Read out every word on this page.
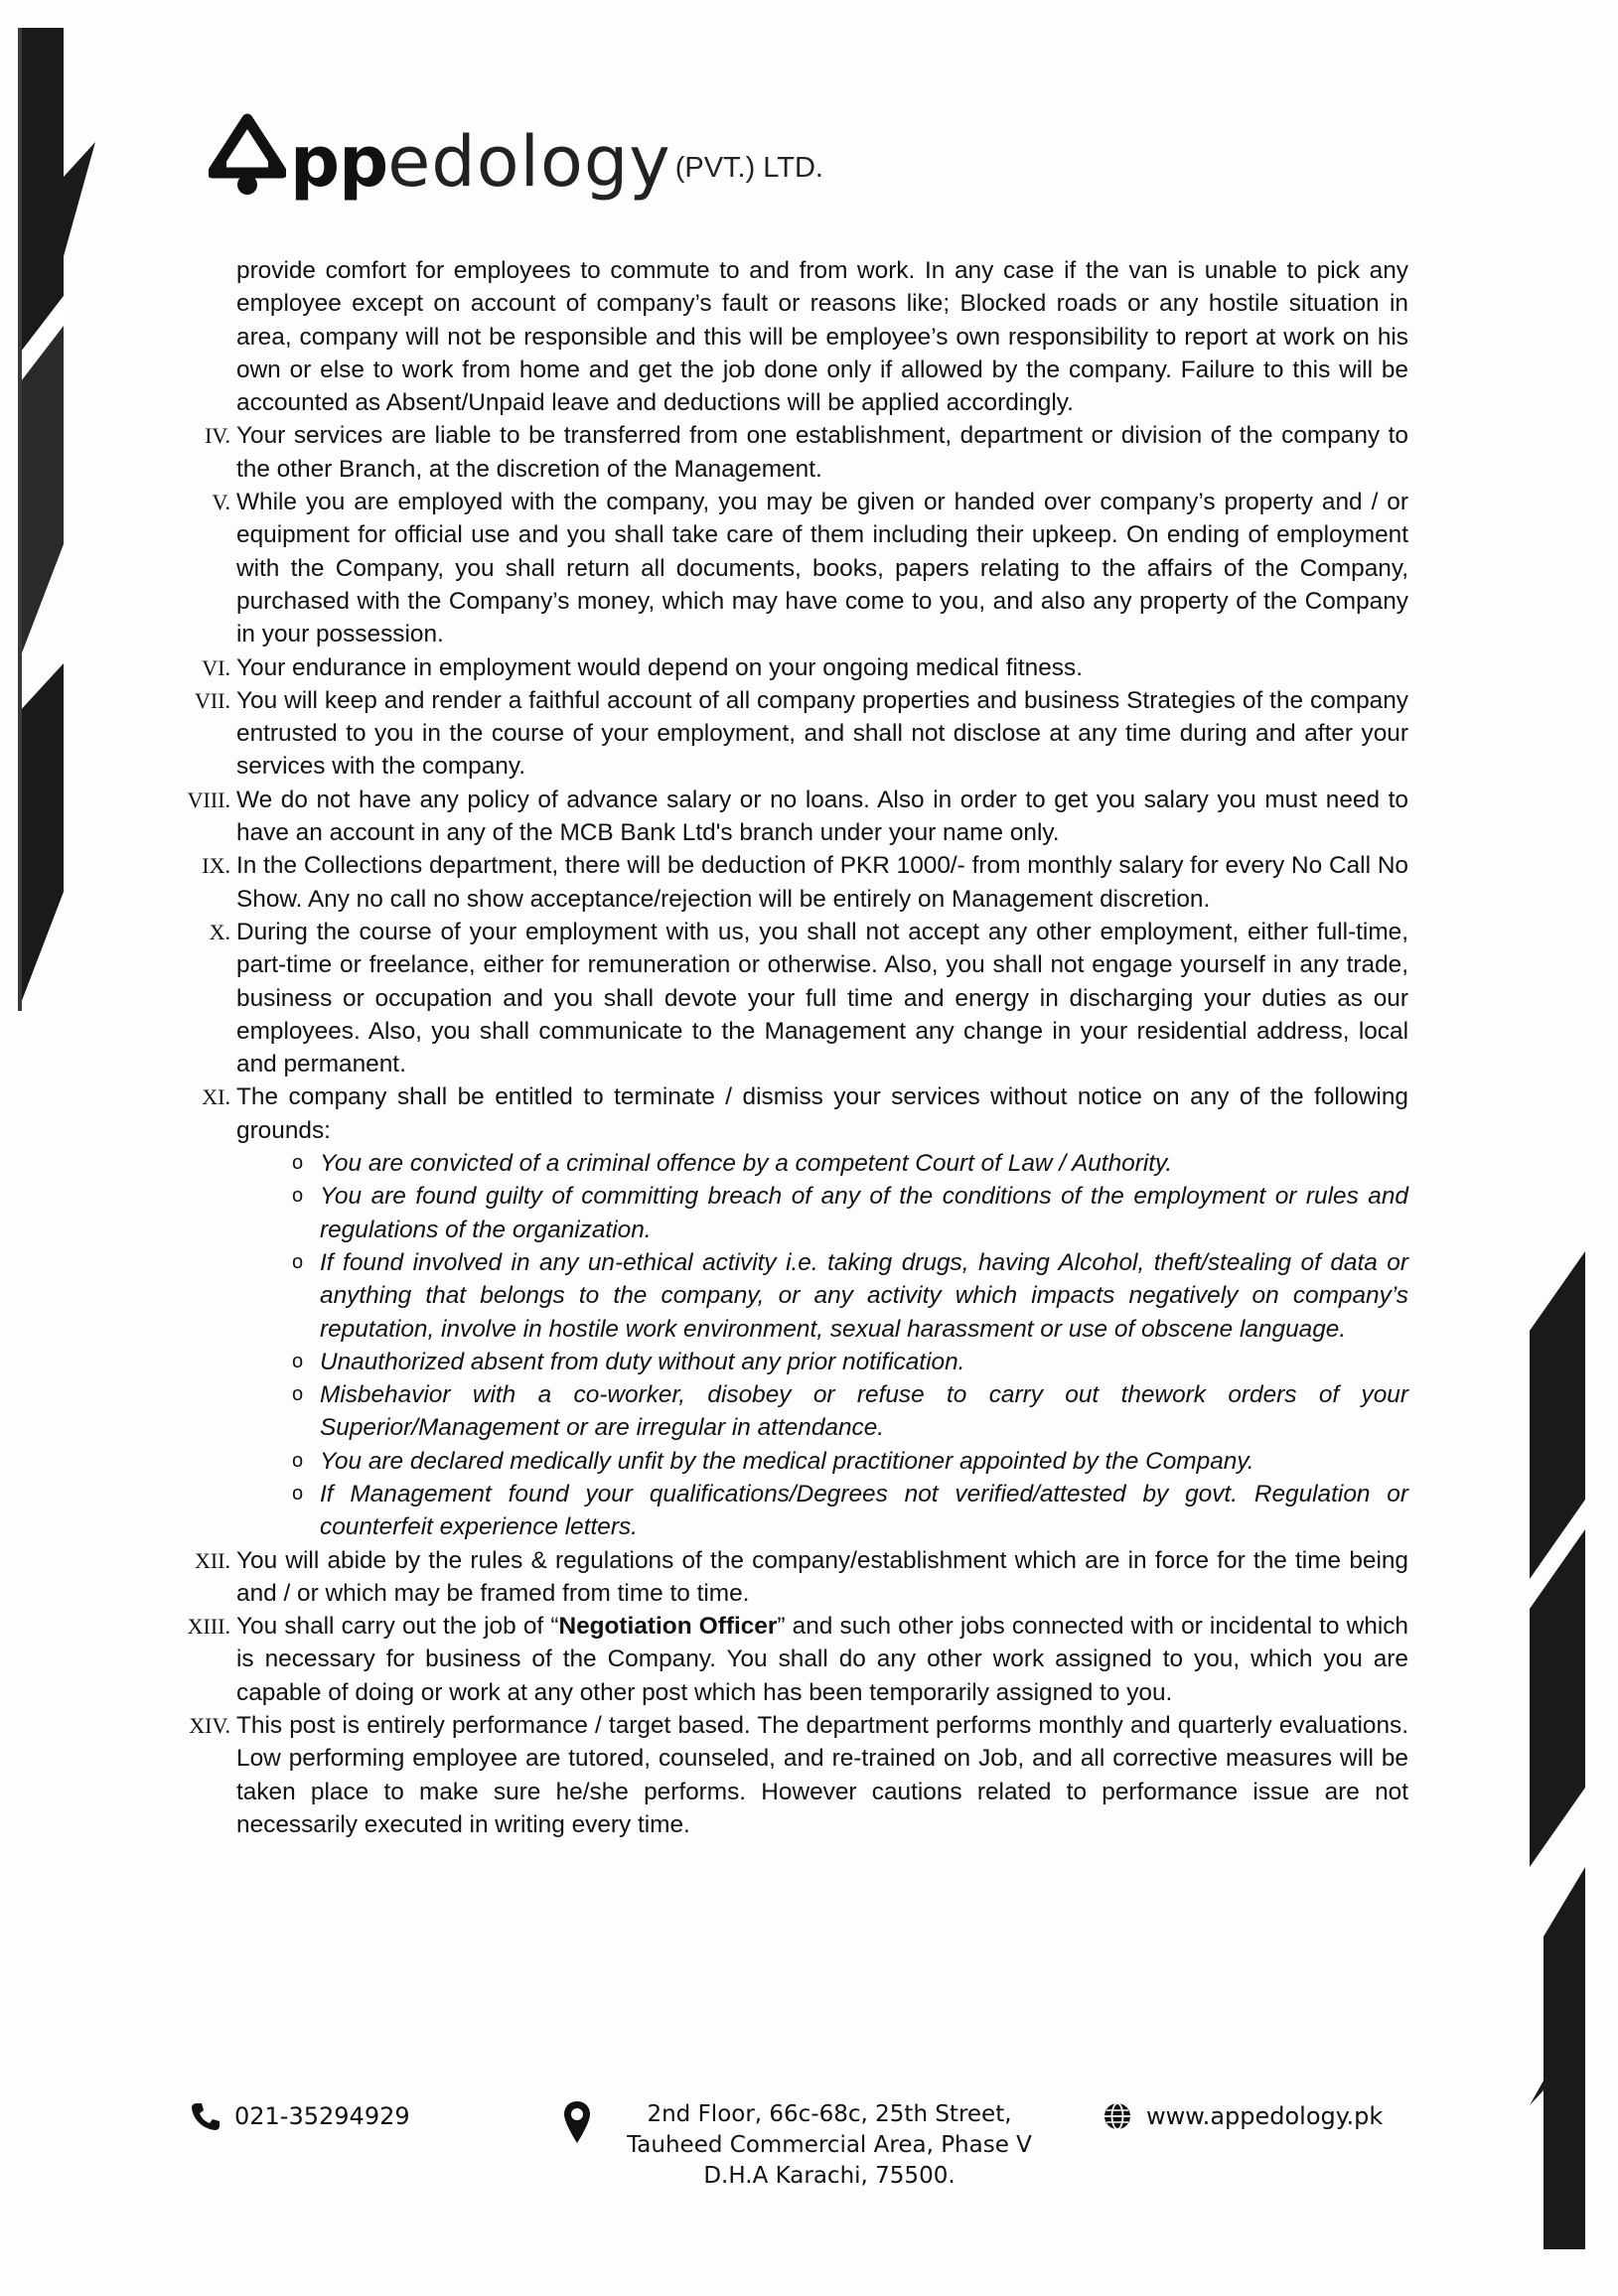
pp edology (PVT.) LTD.

provide comfort for employees to commute to and from work. In any case if the van is unable to pick any employee except on account of company’s fault or reasons like; Blocked roads or any hostile situation in area, company will not be responsible and this will be employee’s own responsibility to report at work on his own or else to work from home and get the job done only if allowed by the company. Failure to this will be accounted as Absent/Unpaid leave and deductions will be applied accordingly.

IV. Your services are liable to be transferred from one establishment, department or division of the company to the other Branch, at the discretion of the Management.
V. While you are employed with the company, you may be given or handed over company’s property and / or equipment for official use and you shall take care of them including their upkeep. On ending of employment with the Company, you shall return all documents, books, papers relating to the affairs of the Company, purchased with the Company’s money, which may have come to you, and also any property of the Company in your possession.
VI. Your endurance in employment would depend on your ongoing medical fitness.
VII. You will keep and render a faithful account of all company properties and business Strategies of the company entrusted to you in the course of your employment, and shall not disclose at any time during and after your services with the company.
VIII. We do not have any policy of advance salary or no loans. Also in order to get you salary you must need to have an account in any of the MCB Bank Ltd's branch under your name only.
IX. In the Collections department, there will be deduction of PKR 1000/- from monthly salary for every No Call No Show. Any no call no show acceptance/rejection will be entirely on Management discretion.
X. During the course of your employment with us, you shall not accept any other employment, either full-time, part-time or freelance, either for remuneration or otherwise. Also, you shall not engage yourself in any trade, business or occupation and you shall devote your full time and energy in discharging your duties as our employees. Also, you shall communicate to the Management any change in your residential address, local and permanent.
XI. The company shall be entitled to terminate / dismiss your services without notice on any of the following grounds:
o You are convicted of a criminal offence by a competent Court of Law / Authority.
o You are found guilty of committing breach of any of the conditions of the employment or rules and regulations of the organization.
o If found involved in any un-ethical activity i.e. taking drugs, having Alcohol, theft/stealing of data or anything that belongs to the company, or any activity which impacts negatively on company’s reputation, involve in hostile work environment, sexual harassment or use of obscene language.
o Unauthorized absent from duty without any prior notification.
o Misbehavior with a co-worker, disobey or refuse to carry out thework orders of your Superior/Management or are irregular in attendance.
o You are declared medically unfit by the medical practitioner appointed by the Company.
o If Management found your qualifications/Degrees not verified/attested by govt. Regulation or counterfeit experience letters.
XII. You will abide by the rules & regulations of the company/establishment which are in force for the time being and / or which may be framed from time to time.
XIII. You shall carry out the job of “Negotiation Officer” and such other jobs connected with or incidental to which is necessary for business of the Company. You shall do any other work assigned to you, which you are capable of doing or work at any other post which has been temporarily assigned to you.
XIV. This post is entirely performance / target based. The department performs monthly and quarterly evaluations. Low performing employee are tutored, counseled, and re-trained on Job, and all corrective measures will be taken place to make sure he/she performs. However cautions related to performance issue are not necessarily executed in writing every time.
021-35294929	2nd Floor, 66c-68c, 25th Street,
Tauheed Commercial Area, Phase V
D.H.A Karachi, 75500.
www.appedology.pk
